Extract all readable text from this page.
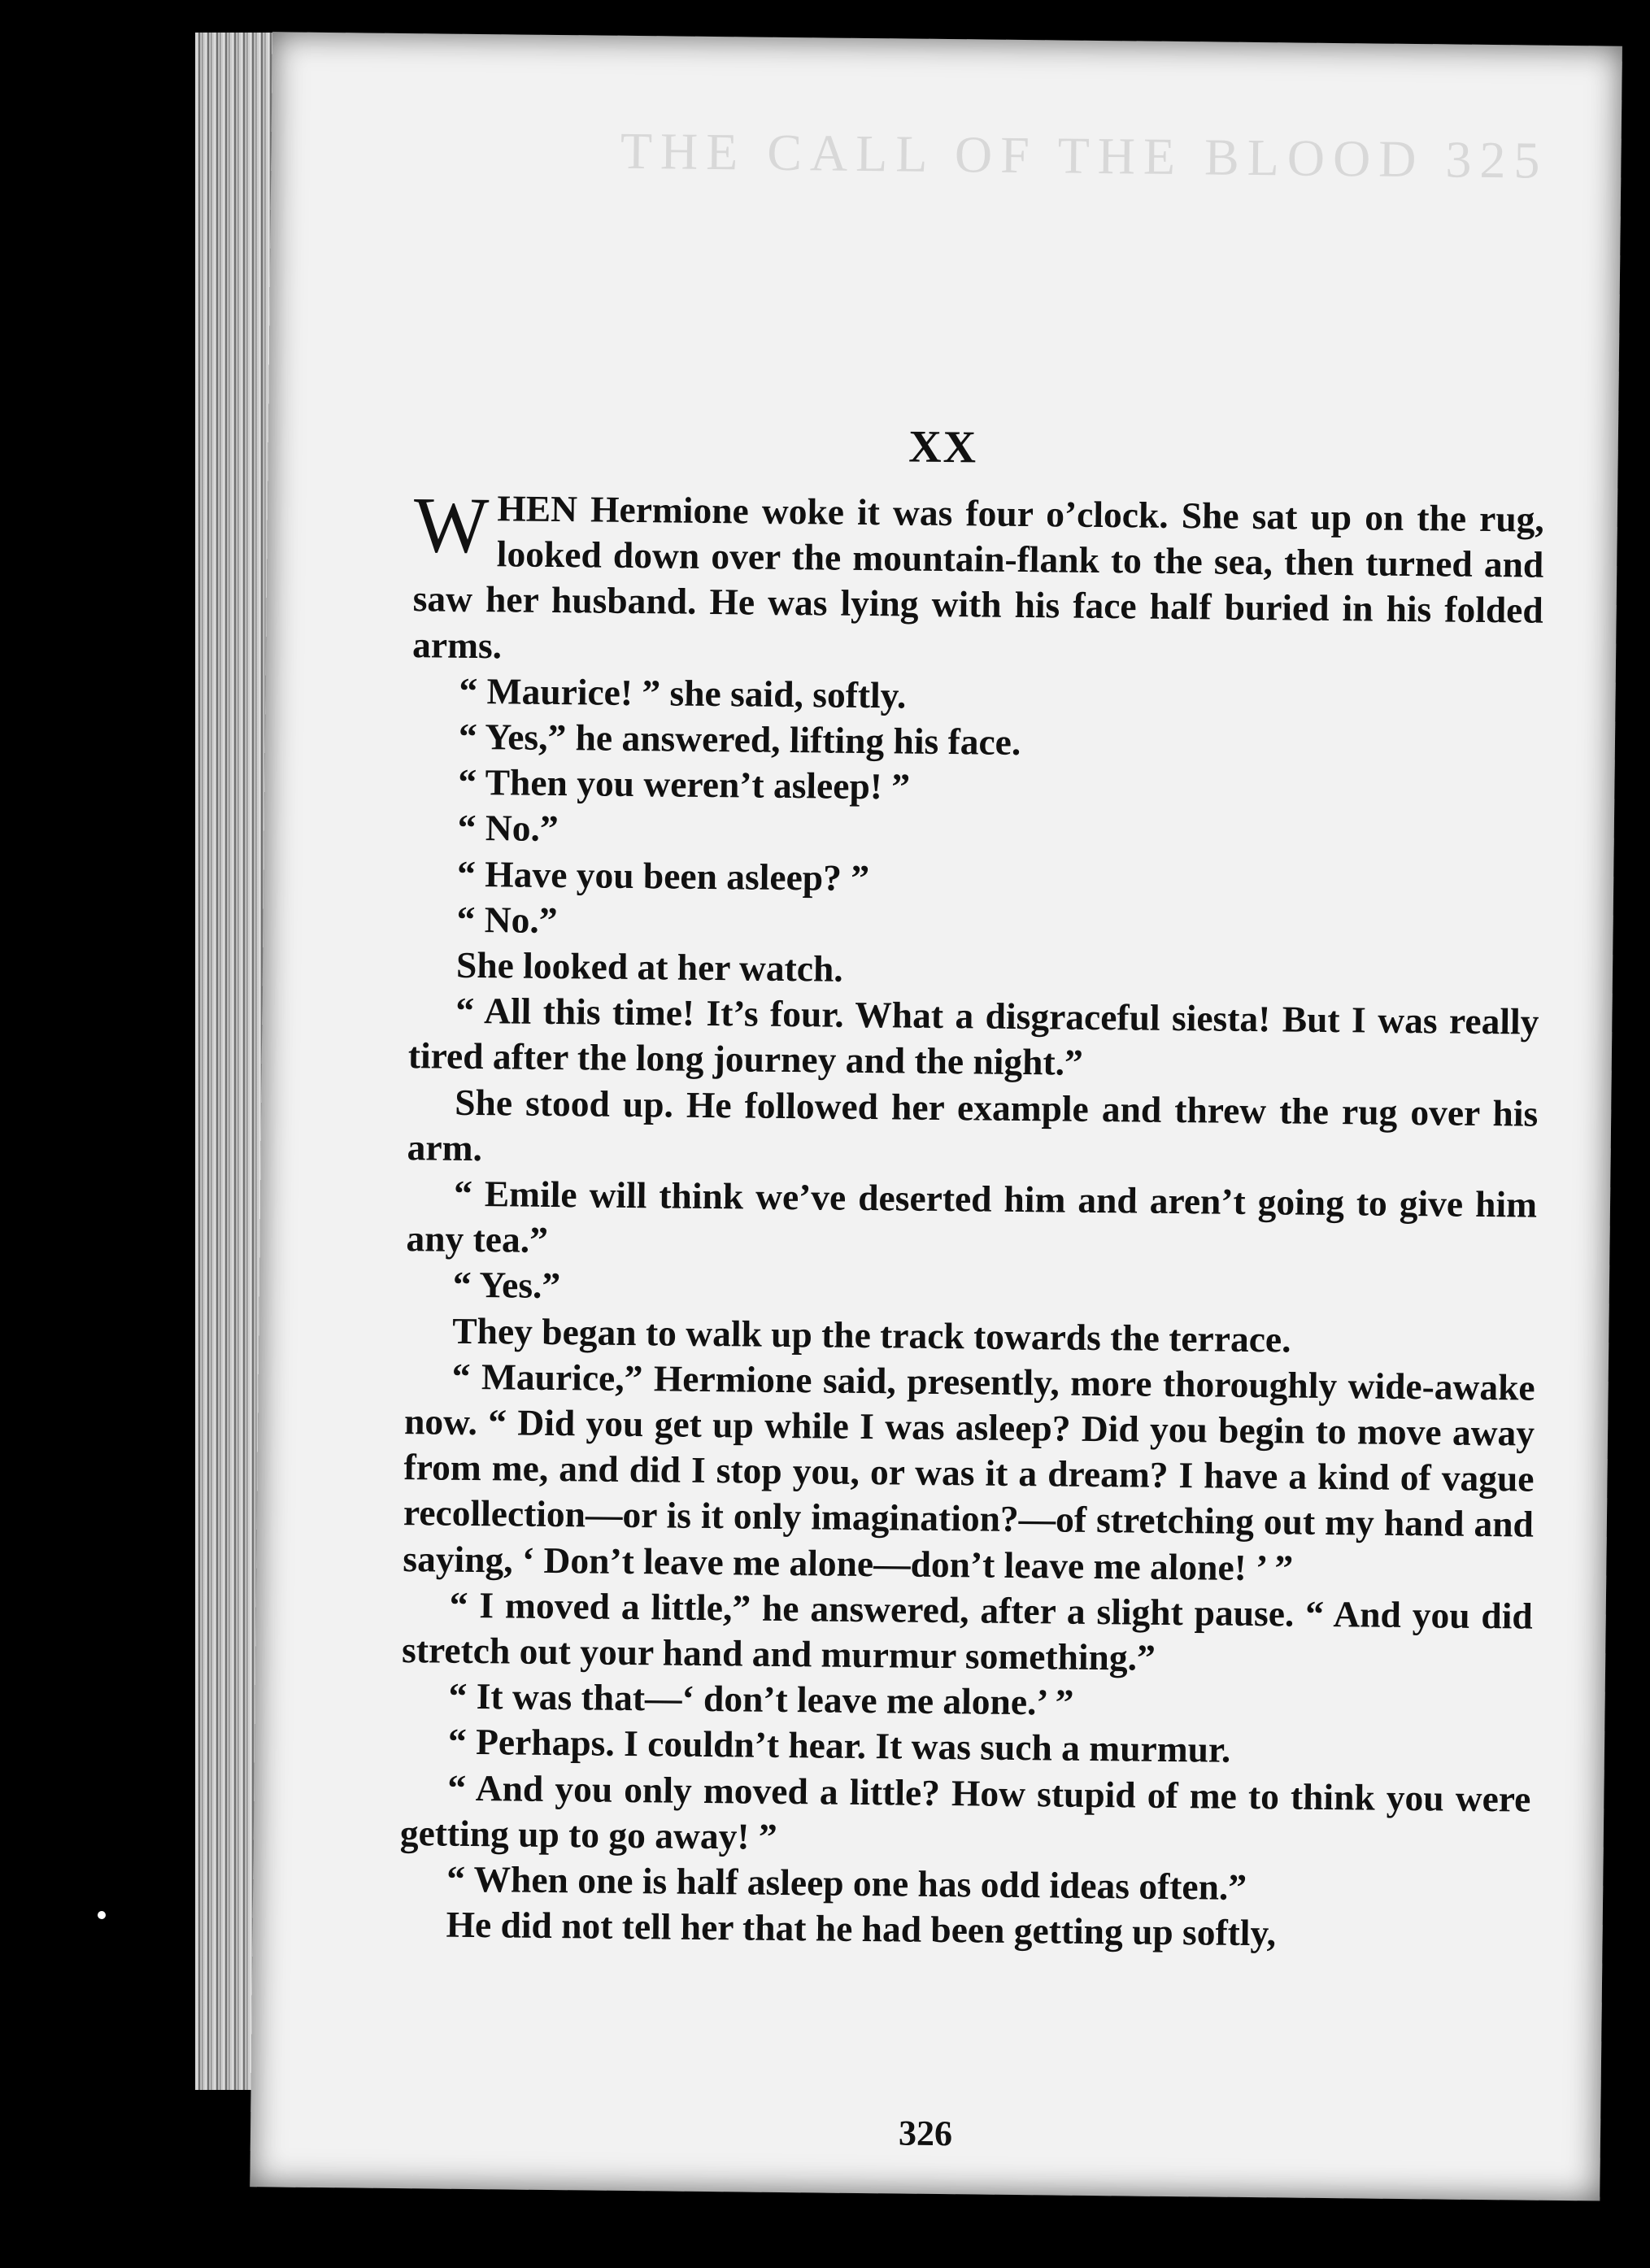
THE CALL OF THE BLOOD 325
XX

WHEN Hermione woke it was four o’clock. She sat up on the rug, looked down over the mountain-flank to the sea, then turned and saw her husband. He was lying with his face half buried in his folded arms.

“ Maurice! ” she said, softly.

“ Yes,” he answered, lifting his face.

“ Then you weren’t asleep! ”

“ No.”

“ Have you been asleep? ”

“ No.”

She looked at her watch.

“ All this time! It’s four. What a disgraceful siesta! But I was really tired after the long journey and the night.”

She stood up. He followed her example and threw the rug over his arm.

“ Emile will think we’ve deserted him and aren’t going to give him any tea.”

“ Yes.”

They began to walk up the track towards the terrace.

“ Maurice,” Hermione said, presently, more thoroughly wide-awake now. “ Did you get up while I was asleep? Did you begin to move away from me, and did I stop you, or was it a dream? I have a kind of vague recollection—or is it only imagination?—of stretching out my hand and saying, ‘ Don’t leave me alone—don’t leave me alone! ’ ”

“ I moved a little,” he answered, after a slight pause. “ And you did stretch out your hand and murmur something.”

“ It was that—‘ don’t leave me alone.’ ”

“ Perhaps. I couldn’t hear. It was such a murmur.

“ And you only moved a little? How stupid of me to think you were getting up to go away! ”

“ When one is half asleep one has odd ideas often.”

He did not tell her that he had been getting up softly,

326
